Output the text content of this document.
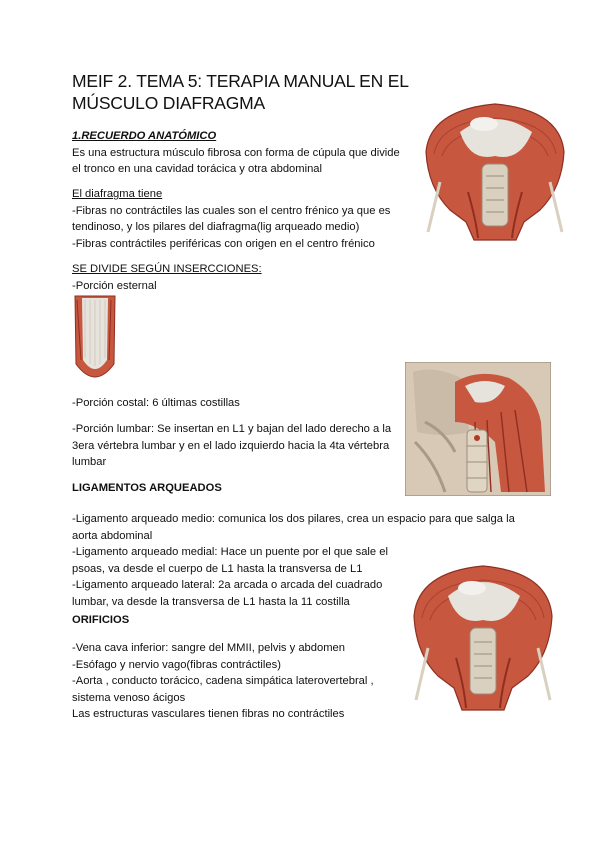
MEIF 2. TEMA 5: TERAPIA MANUAL EN EL
MÚSCULO DIAFRAGMA
1.RECUERDO ANATÓMICO
Es una estructura músculo fibrosa con forma de cúpula que divide
el tronco en una cavidad torácica y otra abdominal
El diafragma tiene
-Fibras no contráctiles las cuales son el centro frénico ya que es
tendinoso, y los pilares del diafragma(lig arqueado medio)
-Fibras contráctiles periféricas con origen en el centro frénico
SE DIVIDE SEGÚN INSERCCIONES:
-Porción esternal
-Porción costal: 6 últimas costillas
-Porción lumbar: Se insertan en L1 y bajan del lado derecho a la
3era vértebra lumbar y en el lado izquierdo hacia la 4ta vértebra
lumbar
LIGAMENTOS ARQUEADOS
-Ligamento arqueado medio: comunica los dos pilares, crea un espacio para que salga la
aorta abdominal
-Ligamento arqueado medial: Hace un puente por el que sale el
psoas, va desde el cuerpo de L1 hasta la transversa de L1
-Ligamento arqueado lateral: 2a arcada o arcada del cuadrado
lumbar, va desde la transversa de L1 hasta la 11 costilla
ORIFICIOS
-Vena cava inferior: sangre del MMII, pelvis y abdomen
-Esófago y nervio vago(fibras contráctiles)
-Aorta , conducto torácico, cadena simpática laterovertebral ,
sistema venoso ácigos
Las estructuras vasculares tienen fibras no contráctiles
